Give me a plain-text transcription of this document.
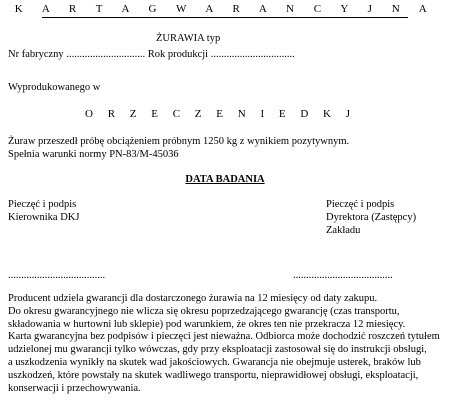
K A R T A G W A R A N C Y J N A
ŻURAWIA typ
Nr fabryczny .............................. Rok produkcji ................................
Wyprodukowanego w
O R Z E C Z E N I E D K J
Żuraw przeszedł próbę obciążeniem próbnym 1250 kg z wynikiem pozytywnym.
Spełnia warunki normy PN-83/M-45036
DATA BADANIA
Pieczęć i podpis
Kierownika DKJ
Pieczęć i podpis
Dyrektora (Zastępcy)
Zakładu
.....................................	......................................

Producent udziela gwarancji dla dostarczonego żurawia na 12 miesięcy od daty zakupu.

Do okresu gwarancyjnego nie wlicza się okresu poprzedzającego gwarancję (czas transportu,

składowania w hurtowni lub sklepie) pod warunkiem, że okres ten nie przekracza 12 miesięcy.

Karta gwarancyjna bez podpisów i pieczęci jest nieważna. Odbiorca może dochodzić roszczeń tytułem

udzielonej mu gwarancji tylko wówczas, gdy przy eksploatacji zastosował się do instrukcji obsługi,

a uszkodzenia wynikły na skutek wad jakościowych. Gwarancja nie obejmuje usterek, braków lub

uszkodzeń, które powstały na skutek wadliwego transportu, nieprawidłowej obsługi, eksploatacji,

konserwacji i przechowywania.
